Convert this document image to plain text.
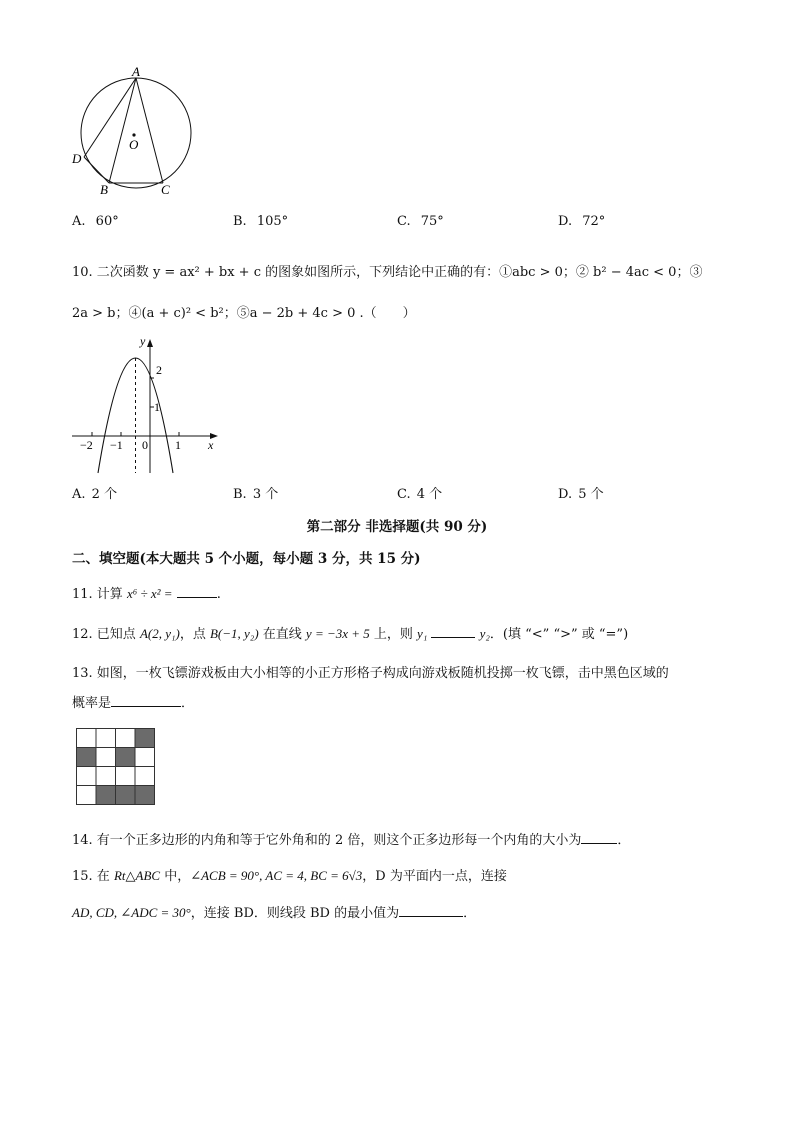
A
O
D
B	C
A. 60°	B. 105°	C. 75°	D. 72°
10. 二次函数 y = ax² + bx + c 的图象如图所示，下列结论中正确的有：①abc > 0；② b² − 4ac < 0；③
2a > b；④(a + c)² < b²；⑤a − 2b + 4c > 0 .（　　）
y
x
−2 −1 0 1
1
2
A. 2 个	B. 3 个	C. 4 个	D. 5 个
第二部分 非选择题(共 90 分)
二、填空题(本大题共 5 个小题，每小题 3 分，共 15 分)
11. 计算 x⁶ ÷ x² =	.
12. 已知点 A(2, y₁)，点 B(−1, y₂) 在直线 y = −3x + 5 上，则 y₁	y₂．(填 “<” “>” 或 “=”)
13. 如图，一枚飞镖游戏板由大小相等的小正方形格子构成向游戏板随机投掷一枚飞镖，击中黑色区域的
概率是	．
14. 有一个正多边形的内角和等于它外角和的 2 倍，则这个正多边形每一个内角的大小为	．
15. 在 Rt△ABC 中，∠ACB = 90°, AC = 4, BC = 6√3，D 为平面内一点，连接
AD, CD, ∠ADC = 30°，连接 BD．则线段 BD 的最小值为	．
